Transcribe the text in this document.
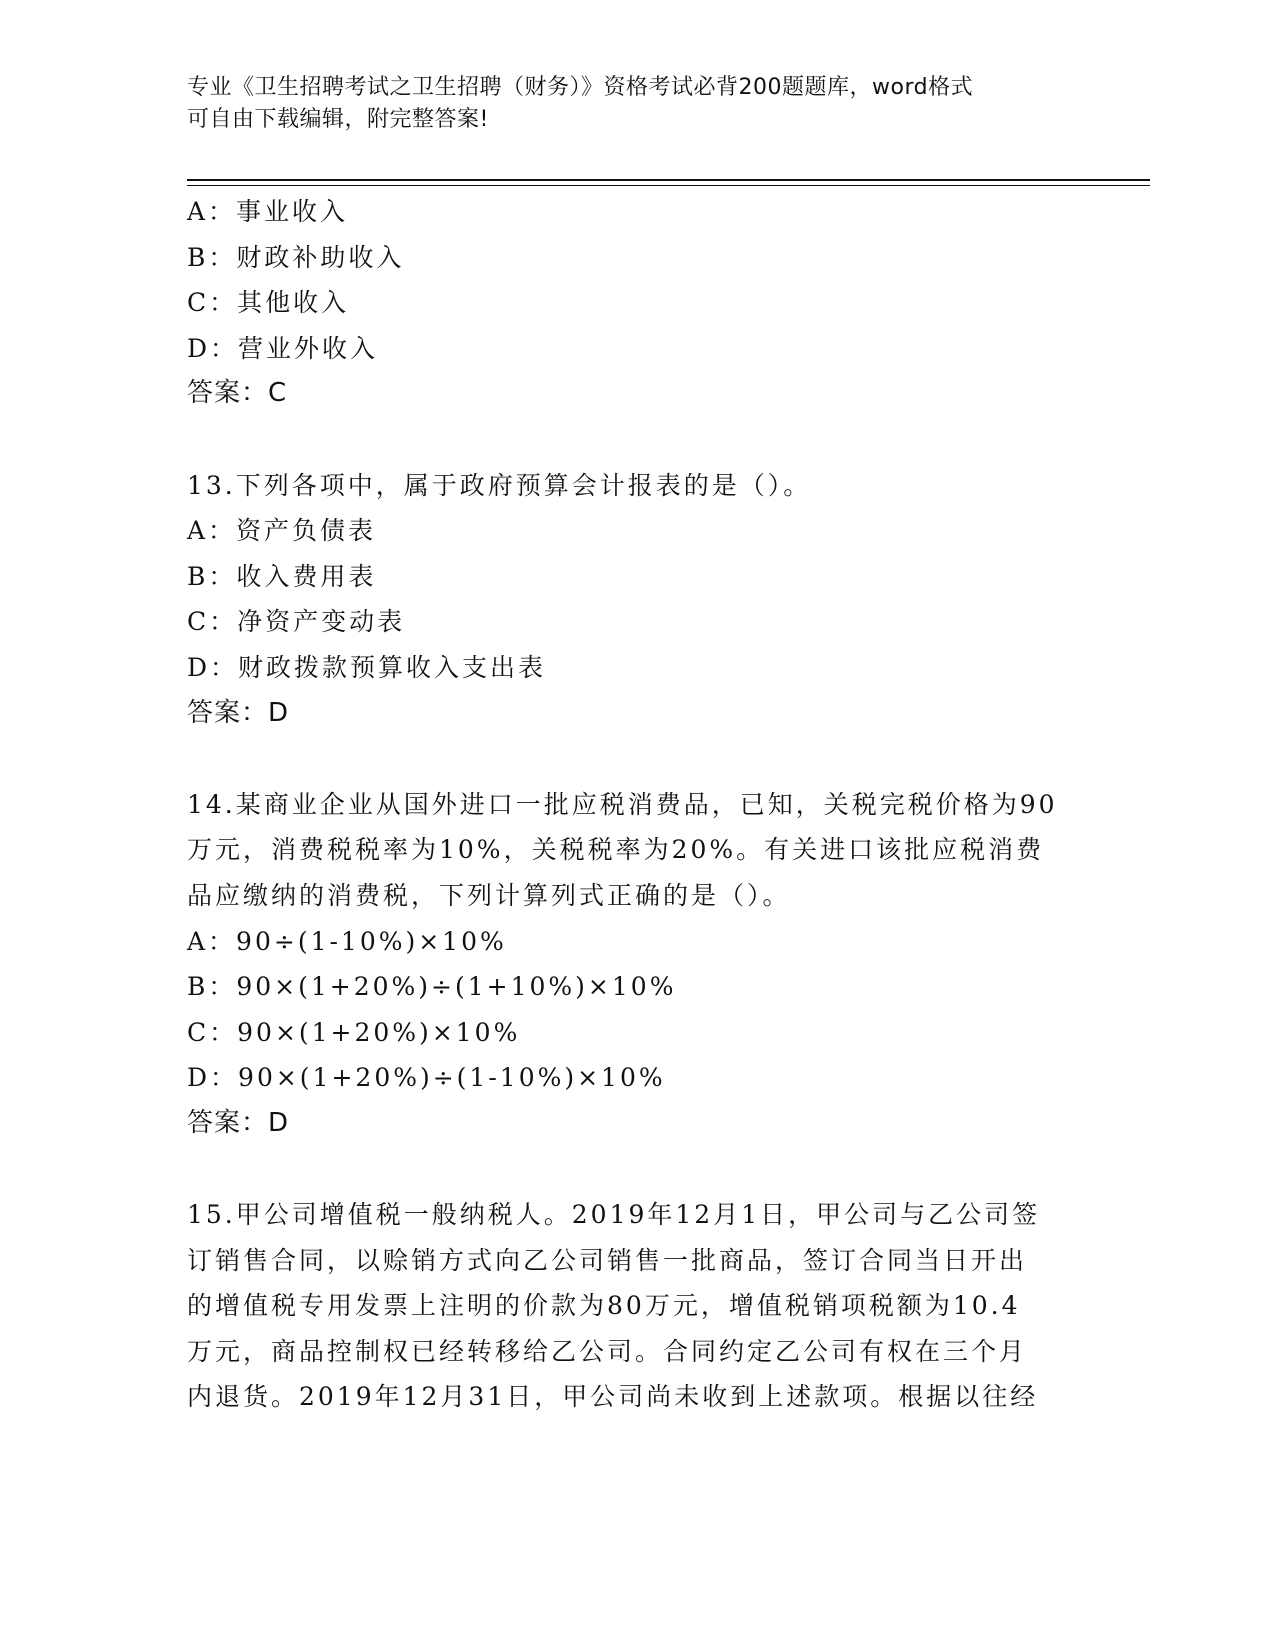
专业《卫生招聘考试之卫生招聘（财务）》资格考试必背200题题库，word格式
可自由下载编辑，附完整答案!
A：事业收入
B：财政补助收入
C：其他收入
D：营业外收入
答案：C
13.下列各项中，属于政府预算会计报表的是（）。
A：资产负债表
B：收入费用表
C：净资产变动表
D：财政拨款预算收入支出表
答案：D
14.某商业企业从国外进口一批应税消费品，已知，关税完税价格为90
万元，消费税税率为10%，关税税率为20%。有关进口该批应税消费
品应缴纳的消费税，下列计算列式正确的是（）。
A：90÷(1-10%)×10%
B：90×(1+20%)÷(1+10%)×10%
C：90×(1+20%)×10%
D：90×(1+20%)÷(1-10%)×10%
答案：D
15.甲公司增值税一般纳税人。2019年12月1日，甲公司与乙公司签
订销售合同，以赊销方式向乙公司销售一批商品，签订合同当日开出
的增值税专用发票上注明的价款为80万元，增值税销项税额为10.4
万元，商品控制权已经转移给乙公司。合同约定乙公司有权在三个月
内退货。2019年12月31日，甲公司尚未收到上述款项。根据以往经
